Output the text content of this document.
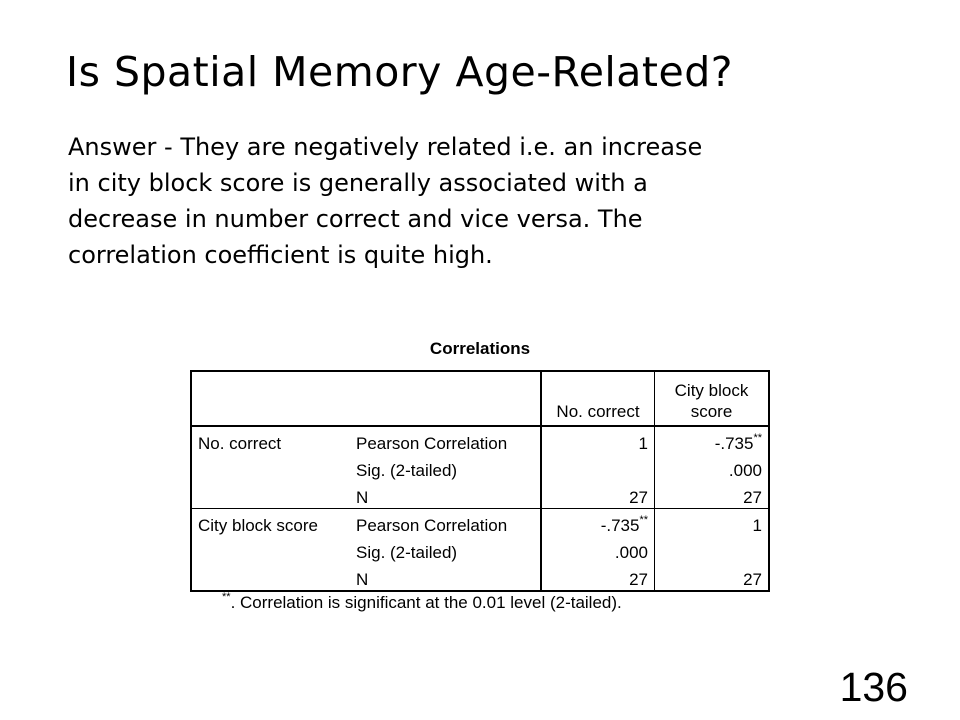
Is Spatial Memory Age-Related?
Answer - They are negatively related i.e. an increase
in city block score is generally associated with a
decrease in number correct and vice versa. The
correlation coefficient is quite high.
Correlations
		No. correct	City block
score
No. correct	Pearson Correlation	1	-.735**
	Sig. (2-tailed)		.000
	N	27	27
City block score	Pearson Correlation	-.735**	1
	Sig. (2-tailed)	.000	
	N	27	27
**. Correlation is significant at the 0.01 level (2-tailed).
136
